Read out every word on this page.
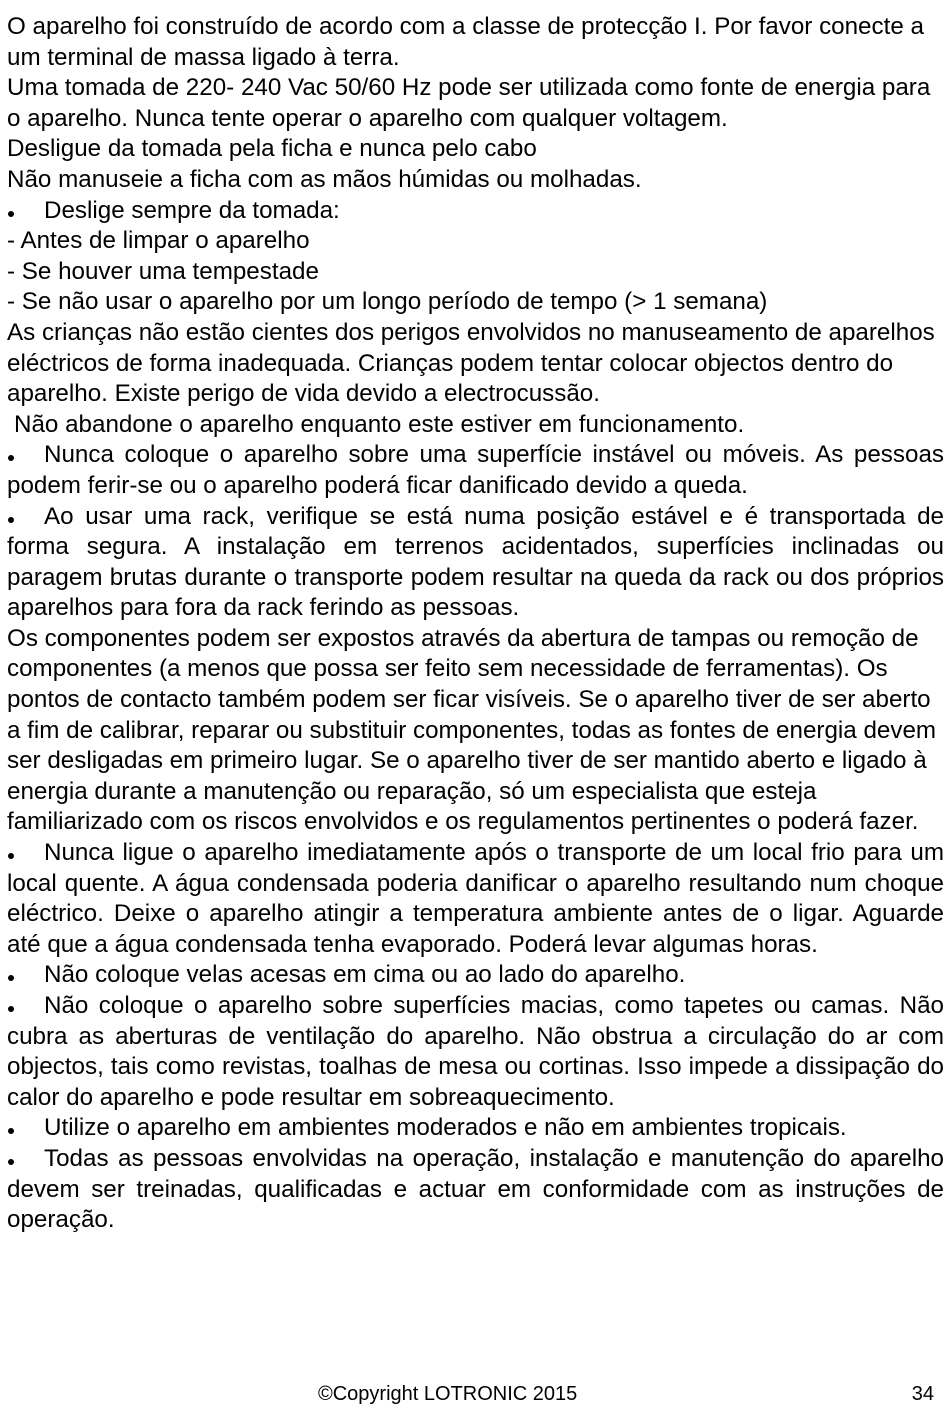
O aparelho foi construído de acordo com a classe de protecção I. Por favor conecte a um terminal de massa ligado à terra.

Uma tomada de 220- 240 Vac 50/60 Hz pode ser utilizada como fonte de energia para o aparelho. Nunca tente operar o aparelho com qualquer voltagem.

Desligue da tomada pela ficha e nunca pelo cabo

Não manuseie a ficha com as mãos húmidas ou molhadas.

Deslige sempre da tomada:

- Antes de limpar o aparelho

- Se houver uma tempestade

- Se não usar o aparelho por um longo período de tempo (> 1 semana)

As crianças não estão cientes dos perigos envolvidos no manuseamento de aparelhos eléctricos de forma inadequada. Crianças podem tentar colocar objectos dentro do aparelho. Existe perigo de vida devido a electrocussão.

Não abandone o aparelho enquanto este estiver em funcionamento.

Nunca coloque o aparelho sobre uma superfície instável ou móveis. As pessoas podem ferir-se ou o aparelho poderá ficar danificado devido a queda.

Ao usar uma rack, verifique se está numa posição estável e é transportada de forma segura. A instalação em terrenos acidentados, superfícies inclinadas ou paragem brutas durante o transporte podem resultar na queda da rack ou dos próprios aparelhos para fora da rack ferindo as pessoas.

Os componentes podem ser expostos através da abertura de tampas ou remoção de componentes (a menos que possa ser feito sem necessidade de ferramentas). Os pontos de contacto também podem ser ficar visíveis. Se o aparelho tiver de ser aberto a fim de calibrar, reparar ou substituir componentes, todas as fontes de energia devem ser desligadas em primeiro lugar. Se o aparelho tiver de ser mantido aberto e ligado à energia durante a manutenção ou reparação, só um especialista que esteja familiarizado com os riscos envolvidos e os regulamentos pertinentes o poderá fazer.

Nunca ligue o aparelho imediatamente após o transporte de um local frio para um local quente. A água condensada poderia danificar o aparelho resultando num choque eléctrico. Deixe o aparelho atingir a temperatura ambiente antes de o ligar. Aguarde até que a água condensada tenha evaporado. Poderá levar algumas horas.

Não coloque velas acesas em cima ou ao lado do aparelho.

Não coloque o aparelho sobre superfícies macias, como tapetes ou camas. Não cubra as aberturas de ventilação do aparelho. Não obstrua a circulação do ar com objectos, tais como revistas, toalhas de mesa ou cortinas. Isso impede a dissipação do calor do aparelho e pode resultar em sobreaquecimento.

Utilize o aparelho em ambientes moderados e não em ambientes tropicais.

Todas as pessoas envolvidas na operação, instalação e manutenção do aparelho devem ser treinadas, qualificadas e actuar em conformidade com as instruções de operação.

©Copyright LOTRONIC 2015	34
